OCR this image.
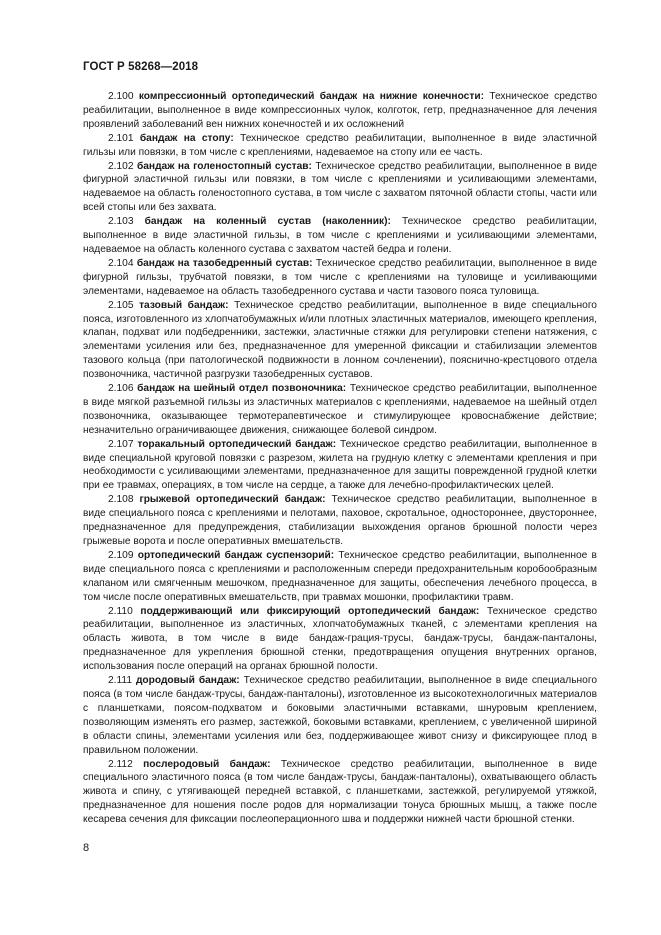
ГОСТ Р 58268—2018

2.100 компрессионный ортопедический бандаж на нижние конечности: Техническое средство реабилитации, выполненное в виде компрессионных чулок, колготок, гетр, предназначенное для лечения проявлений заболеваний вен нижних конечностей и их осложнений

2.101 бандаж на стопу: Техническое средство реабилитации, выполненное в виде эластичной гильзы или повязки, в том числе с креплениями, надеваемое на стопу или ее часть.

2.102 бандаж на голеностопный сустав: Техническое средство реабилитации, выполненное в виде фигурной эластичной гильзы или повязки, в том числе с креплениями и усиливающими элементами, надеваемое на область голеностопного сустава, в том числе с захватом пяточной области стопы, части или всей стопы или без захвата.

2.103 бандаж на коленный сустав (наколенник): Техническое средство реабилитации, выполненное в виде эластичной гильзы, в том числе с креплениями и усиливающими элементами, надеваемое на область коленного сустава с захватом частей бедра и голени.

2.104 бандаж на тазобедренный сустав: Техническое средство реабилитации, выполненное в виде фигурной гильзы, трубчатой повязки, в том числе с креплениями на туловище и усиливающими элементами, надеваемое на область тазобедренного сустава и части тазового пояса туловища.

2.105 тазовый бандаж: Техническое средство реабилитации, выполненное в виде специального пояса, изготовленного из хлопчатобумажных и/или плотных эластичных материалов, имеющего крепления, клапан, подхват или подбедренники, застежки, эластичные стяжки для регулировки степени натяжения, с элементами усиления или без, предназначенное для умеренной фиксации и стабилизации элементов тазового кольца (при патологической подвижности в лонном сочленении), пояснично-крестцового отдела позвоночника, частичной разгрузки тазобедренных суставов.

2.106 бандаж на шейный отдел позвоночника: Техническое средство реабилитации, выполненное в виде мягкой разъемной гильзы из эластичных материалов с креплениями, надеваемое на шейный отдел позвоночника, оказывающее термотерапевтическое и стимулирующее кровоснабжение действие; незначительно ограничивающее движения, снижающее болевой синдром.

2.107 торакальный ортопедический бандаж: Техническое средство реабилитации, выполненное в виде специальной круговой повязки с разрезом, жилета на грудную клетку с элементами крепления и при необходимости с усиливающими элементами, предназначенное для защиты поврежденной грудной клетки при ее травмах, операциях, в том числе на сердце, а также для лечебно-профилактических целей.

2.108 грыжевой ортопедический бандаж: Техническое средство реабилитации, выполненное в виде специального пояса с креплениями и пелотами, паховое, скротальное, одностороннее, двустороннее, предназначенное для предупреждения, стабилизации выхождения органов брюшной полости через грыжевые ворота и после оперативных вмешательств.

2.109 ортопедический бандаж суспензорий: Техническое средство реабилитации, выполненное в виде специального пояса с креплениями и расположенным спереди предохранительным коробообразным клапаном или смягченным мешочком, предназначенное для защиты, обеспечения лечебного процесса, в том числе после оперативных вмешательств, при травмах мошонки, профилактики травм.

2.110 поддерживающий или фиксирующий ортопедический бандаж: Техническое средство реабилитации, выполненное из эластичных, хлопчатобумажных тканей, с элементами крепления на область живота, в том числе в виде бандаж-грация-трусы, бандаж-трусы, бандаж-панталоны, предназначенное для укрепления брюшной стенки, предотвращения опущения внутренних органов, использования после операций на органах брюшной полости.

2.111 дородовый бандаж: Техническое средство реабилитации, выполненное в виде специального пояса (в том числе бандаж-трусы, бандаж-панталоны), изготовленное из высокотехнологичных материалов с планшетками, поясом-подхватом и боковыми эластичными вставками, шнуровым креплением, позволяющим изменять его размер, застежкой, боковыми вставками, креплением, с увеличенной шириной в области спины, элементами усиления или без, поддерживающее живот снизу и фиксирующее плод в правильном положении.

2.112 послеродовый бандаж: Техническое средство реабилитации, выполненное в виде специального эластичного пояса (в том числе бандаж-трусы, бандаж-панталоны), охватывающего область живота и спину, с утягивающей передней вставкой, с планшетками, застежкой, регулируемой утяжкой, предназначенное для ношения после родов для нормализации тонуса брюшных мышц, а также после кесарева сечения для фиксации послеоперационного шва и поддержки нижней части брюшной стенки.

8
